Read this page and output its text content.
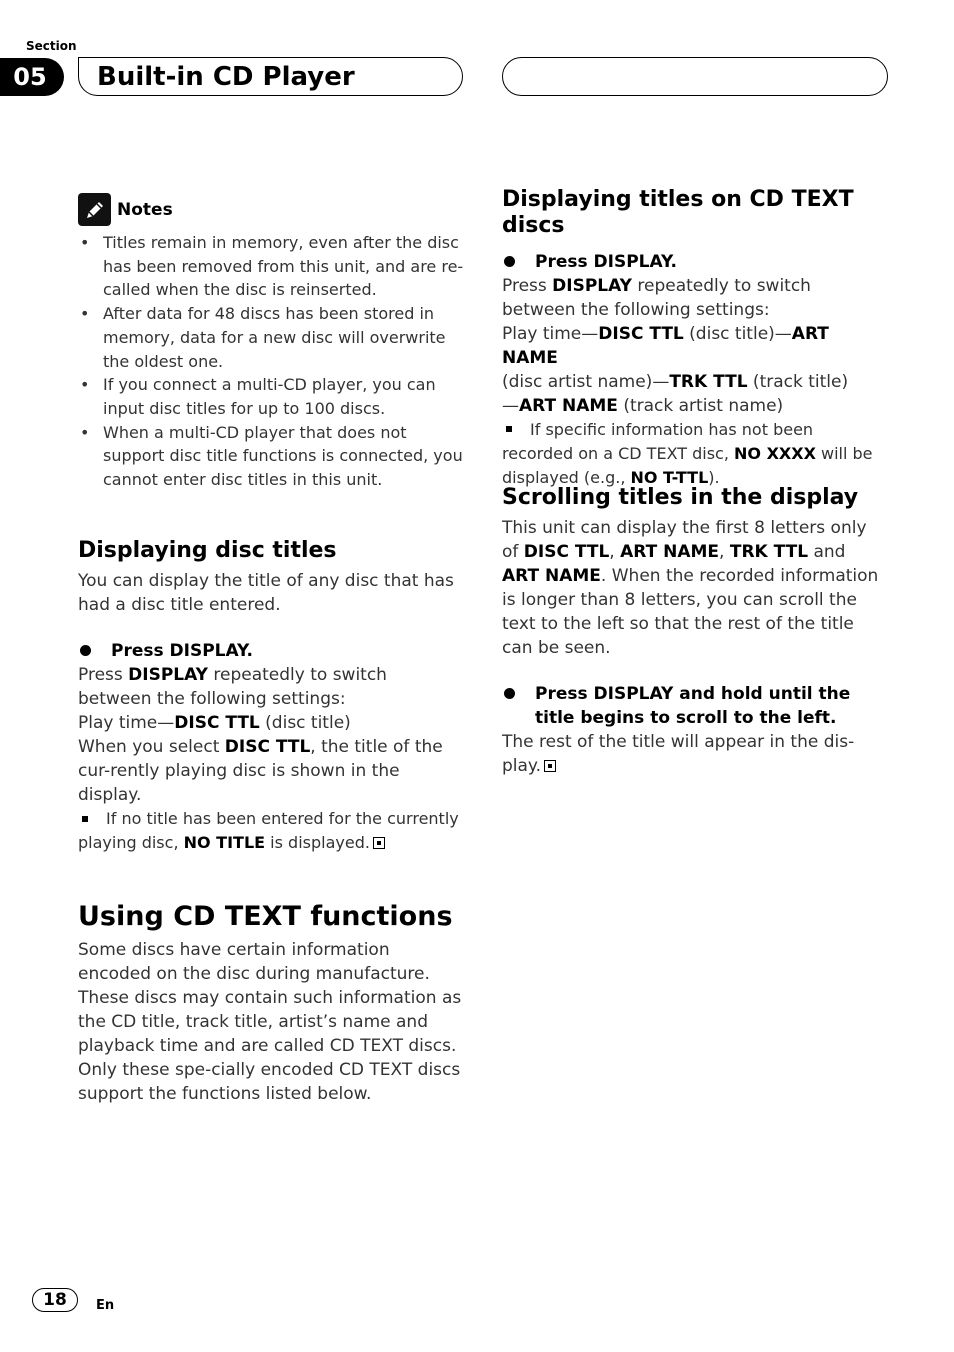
Section
05	Built-in CD Player
Notes
• Titles remain in memory, even after the disc has been removed from this unit, and are re-called when the disc is reinserted.
• After data for 48 discs has been stored in memory, data for a new disc will overwrite the oldest one.
• If you connect a multi-CD player, you can input disc titles for up to 100 discs.
• When a multi-CD player that does not support disc title functions is connected, you cannot enter disc titles in this unit.
Displaying disc titles

You can display the title of any disc that has had a disc title entered.

Press DISPLAY.

Press DISPLAY repeatedly to switch between the following settings:

Play time—DISC TTL (disc title)

When you select DISC TTL, the title of the cur-rently playing disc is shown in the display.

If no title has been entered for the currently playing disc, NO TITLE is displayed.

Using CD TEXT functions

Some discs have certain information encoded on the disc during manufacture. These discs may contain such information as the CD title, track title, artist’s name and playback time and are called CD TEXT discs. Only these spe-cially encoded CD TEXT discs support the functions listed below.

Displaying titles on CD TEXT discs
Press DISPLAY.

Press DISPLAY repeatedly to switch between the following settings:

Play time—DISC TTL (disc title)—ART NAME
(disc artist name)—TRK TTL (track title)
—ART NAME (track artist name)

If specific information has not been recorded on a CD TEXT disc, NO XXXX will be displayed (e.g., NO T-TTL).

Scrolling titles in the display

This unit can display the first 8 letters only of DISC TTL, ART NAME, TRK TTL and
ART NAME. When the recorded information is longer than 8 letters, you can scroll the text to the left so that the rest of the title can be seen.

Press DISPLAY and hold until the title begins to scroll to the left.

The rest of the title will appear in the dis-play.

18	En
